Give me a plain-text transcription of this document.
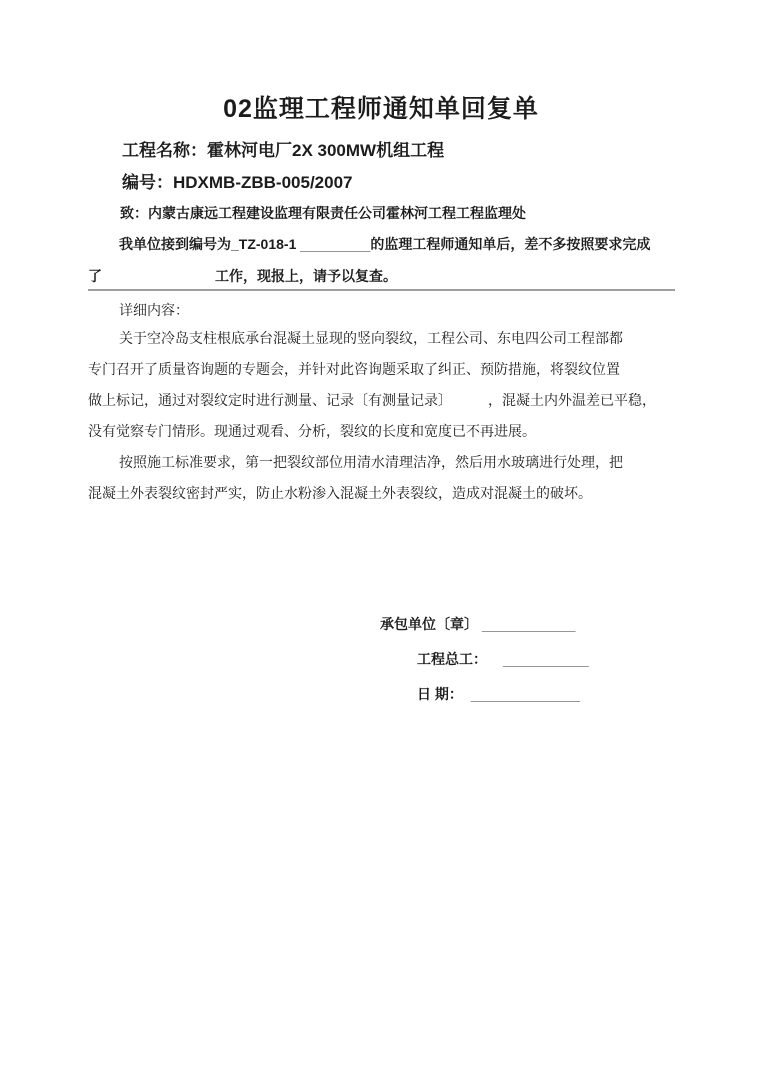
02监理工程师通知单回复单
工程名称：霍林河电厂2X 300MW机组工程
编号：HDXMB-ZBB-005/2007
致：内蒙古康远工程建设监理有限责任公司霍林河工程工程监理处
我单位接到编号为_TZ-018-1 _________的监理工程师通知单后，差不多按照要求完成
了	工作，现报上，请予以复查。
详细内容：
关于空冷岛支柱根底承台混凝土显现的竖向裂纹，工程公司、东电四公司工程部都
专门召开了质量咨询题的专题会，并针对此咨询题采取了纠正、预防措施，将裂纹位置
做上标记，通过对裂纹定时进行测量、记录〔有测量记录〕	，混凝土内外温差已平稳，
没有觉察专门情形。现通过观看、分析，裂纹的长度和宽度已不再进展。
按照施工标准要求，第一把裂纹部位用清水清理洁净，然后用水玻璃进行处理，把
混凝土外表裂纹密封严实，防止水粉渗入混凝土外表裂纹，造成对混凝土的破坏。
承包单位〔章〕 ____________
工程总工： ___________
日 期： ______________
